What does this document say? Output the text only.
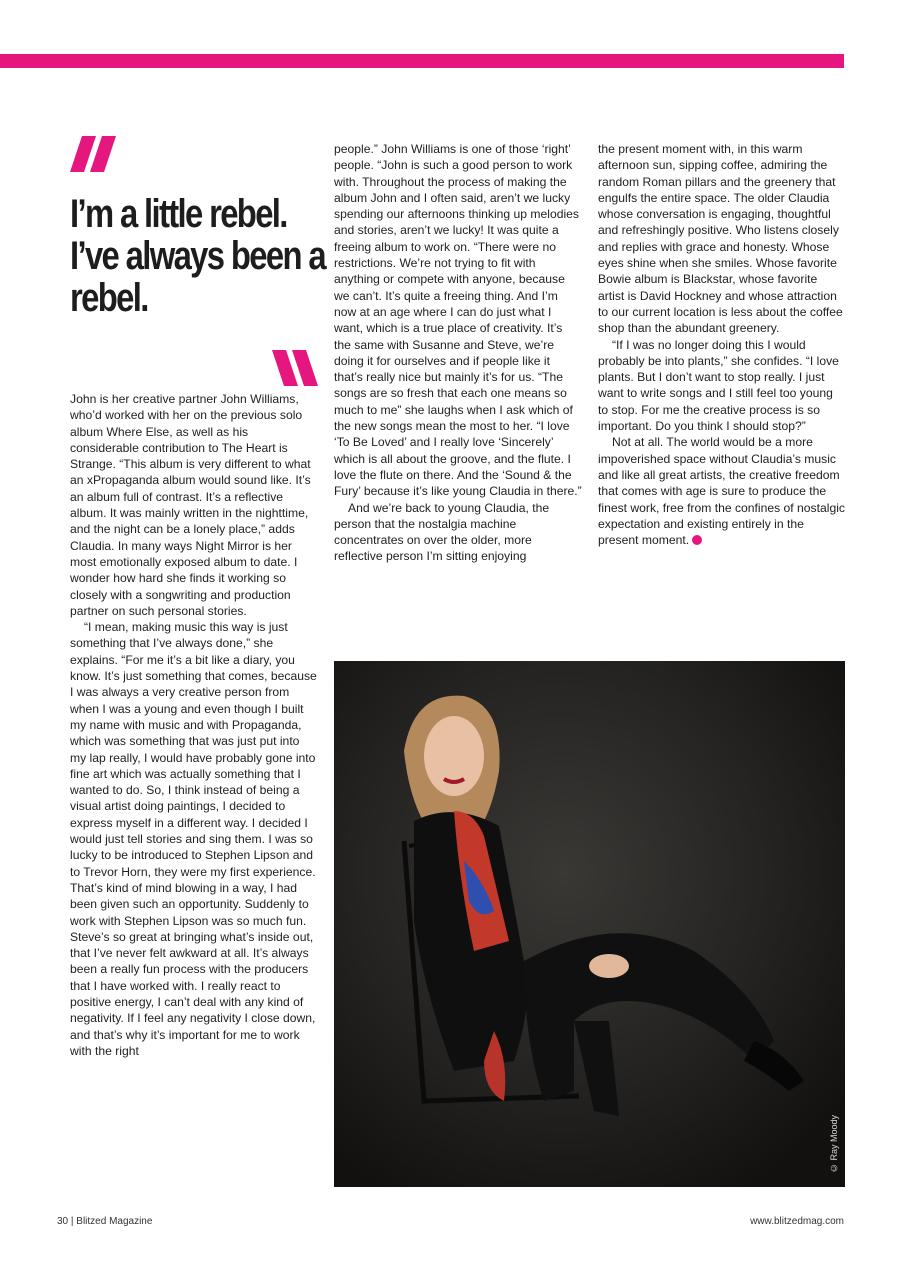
I’m a little rebel.
I’ve always been a
rebel.

John is her creative partner John Williams, who’d worked with her on the previous solo album Where Else, as well as his considerable contribution to The Heart is Strange. “This album is very different to what an xPropaganda album would sound like. It’s an album full of contrast. It’s a reflective album. It was mainly written in the nighttime, and the night can be a lonely place,” adds Claudia. In many ways Night Mirror is her most emotionally exposed album to date. I wonder how hard she finds it working so closely with a songwriting and production partner on such personal stories.

“I mean, making music this way is just something that I’ve always done,” she explains. “For me it’s a bit like a diary, you know. It’s just something that comes, because I was always a very creative person from when I was a young and even though I built my name with music and with Propaganda, which was something that was just put into my lap really, I would have probably gone into fine art which was actually something that I wanted to do. So, I think instead of being a visual artist doing paintings, I decided to express myself in a different way. I decided I would just tell stories and sing them. I was so lucky to be introduced to Stephen Lipson and to Trevor Horn, they were my first experience. That’s kind of mind blowing in a way, I had been given such an opportunity. Suddenly to work with Stephen Lipson was so much fun. Steve’s so great at bringing what’s inside out, that I’ve never felt awkward at all. It’s always been a really fun process with the producers that I have worked with. I really react to positive energy, I can’t deal with any kind of negativity. If I feel any negativity I close down, and that’s why it’s important for me to work with the right

people.” John Williams is one of those ‘right’ people. “John is such a good person to work with. Throughout the process of making the album John and I often said, aren’t we lucky spending our afternoons thinking up melodies and stories, aren’t we lucky! It was quite a freeing album to work on. “There were no restrictions. We’re not trying to fit with anything or compete with anyone, because we can’t. It’s quite a freeing thing. And I’m now at an age where I can do just what I want, which is a true place of creativity. It’s the same with Susanne and Steve, we’re doing it for ourselves and if people like it that’s really nice but mainly it’s for us. “The songs are so fresh that each one means so much to me” she laughs when I ask which of the new songs mean the most to her. “I love ‘To Be Loved’ and I really love ‘Sincerely’ which is all about the groove, and the flute. I love the flute on there. And the ‘Sound & the Fury’ because it’s like young Claudia in there.”

And we’re back to young Claudia, the person that the nostalgia machine concentrates on over the older, more reflective person I’m sitting enjoying

the present moment with, in this warm afternoon sun, sipping coffee, admiring the random Roman pillars and the greenery that engulfs the entire space. The older Claudia whose conversation is engaging, thoughtful and refreshingly positive. Who listens closely and replies with grace and honesty. Whose eyes shine when she smiles. Whose favorite Bowie album is Blackstar, whose favorite artist is David Hockney and whose attraction to our current location is less about the coffee shop than the abundant greenery.

“If I was no longer doing this I would probably be into plants,” she confides. “I love plants. But I don’t want to stop really. I just want to write songs and I still feel too young to stop. For me the creative process is so important. Do you think I should stop?”

Not at all. The world would be a more impoverished space without Claudia’s music and like all great artists, the creative freedom that comes with age is sure to produce the finest work, free from the confines of nostalgic expectation and existing entirely in the present moment.

© Ray Moody
30 | Blitzed Magazine	www.blitzedmag.com
